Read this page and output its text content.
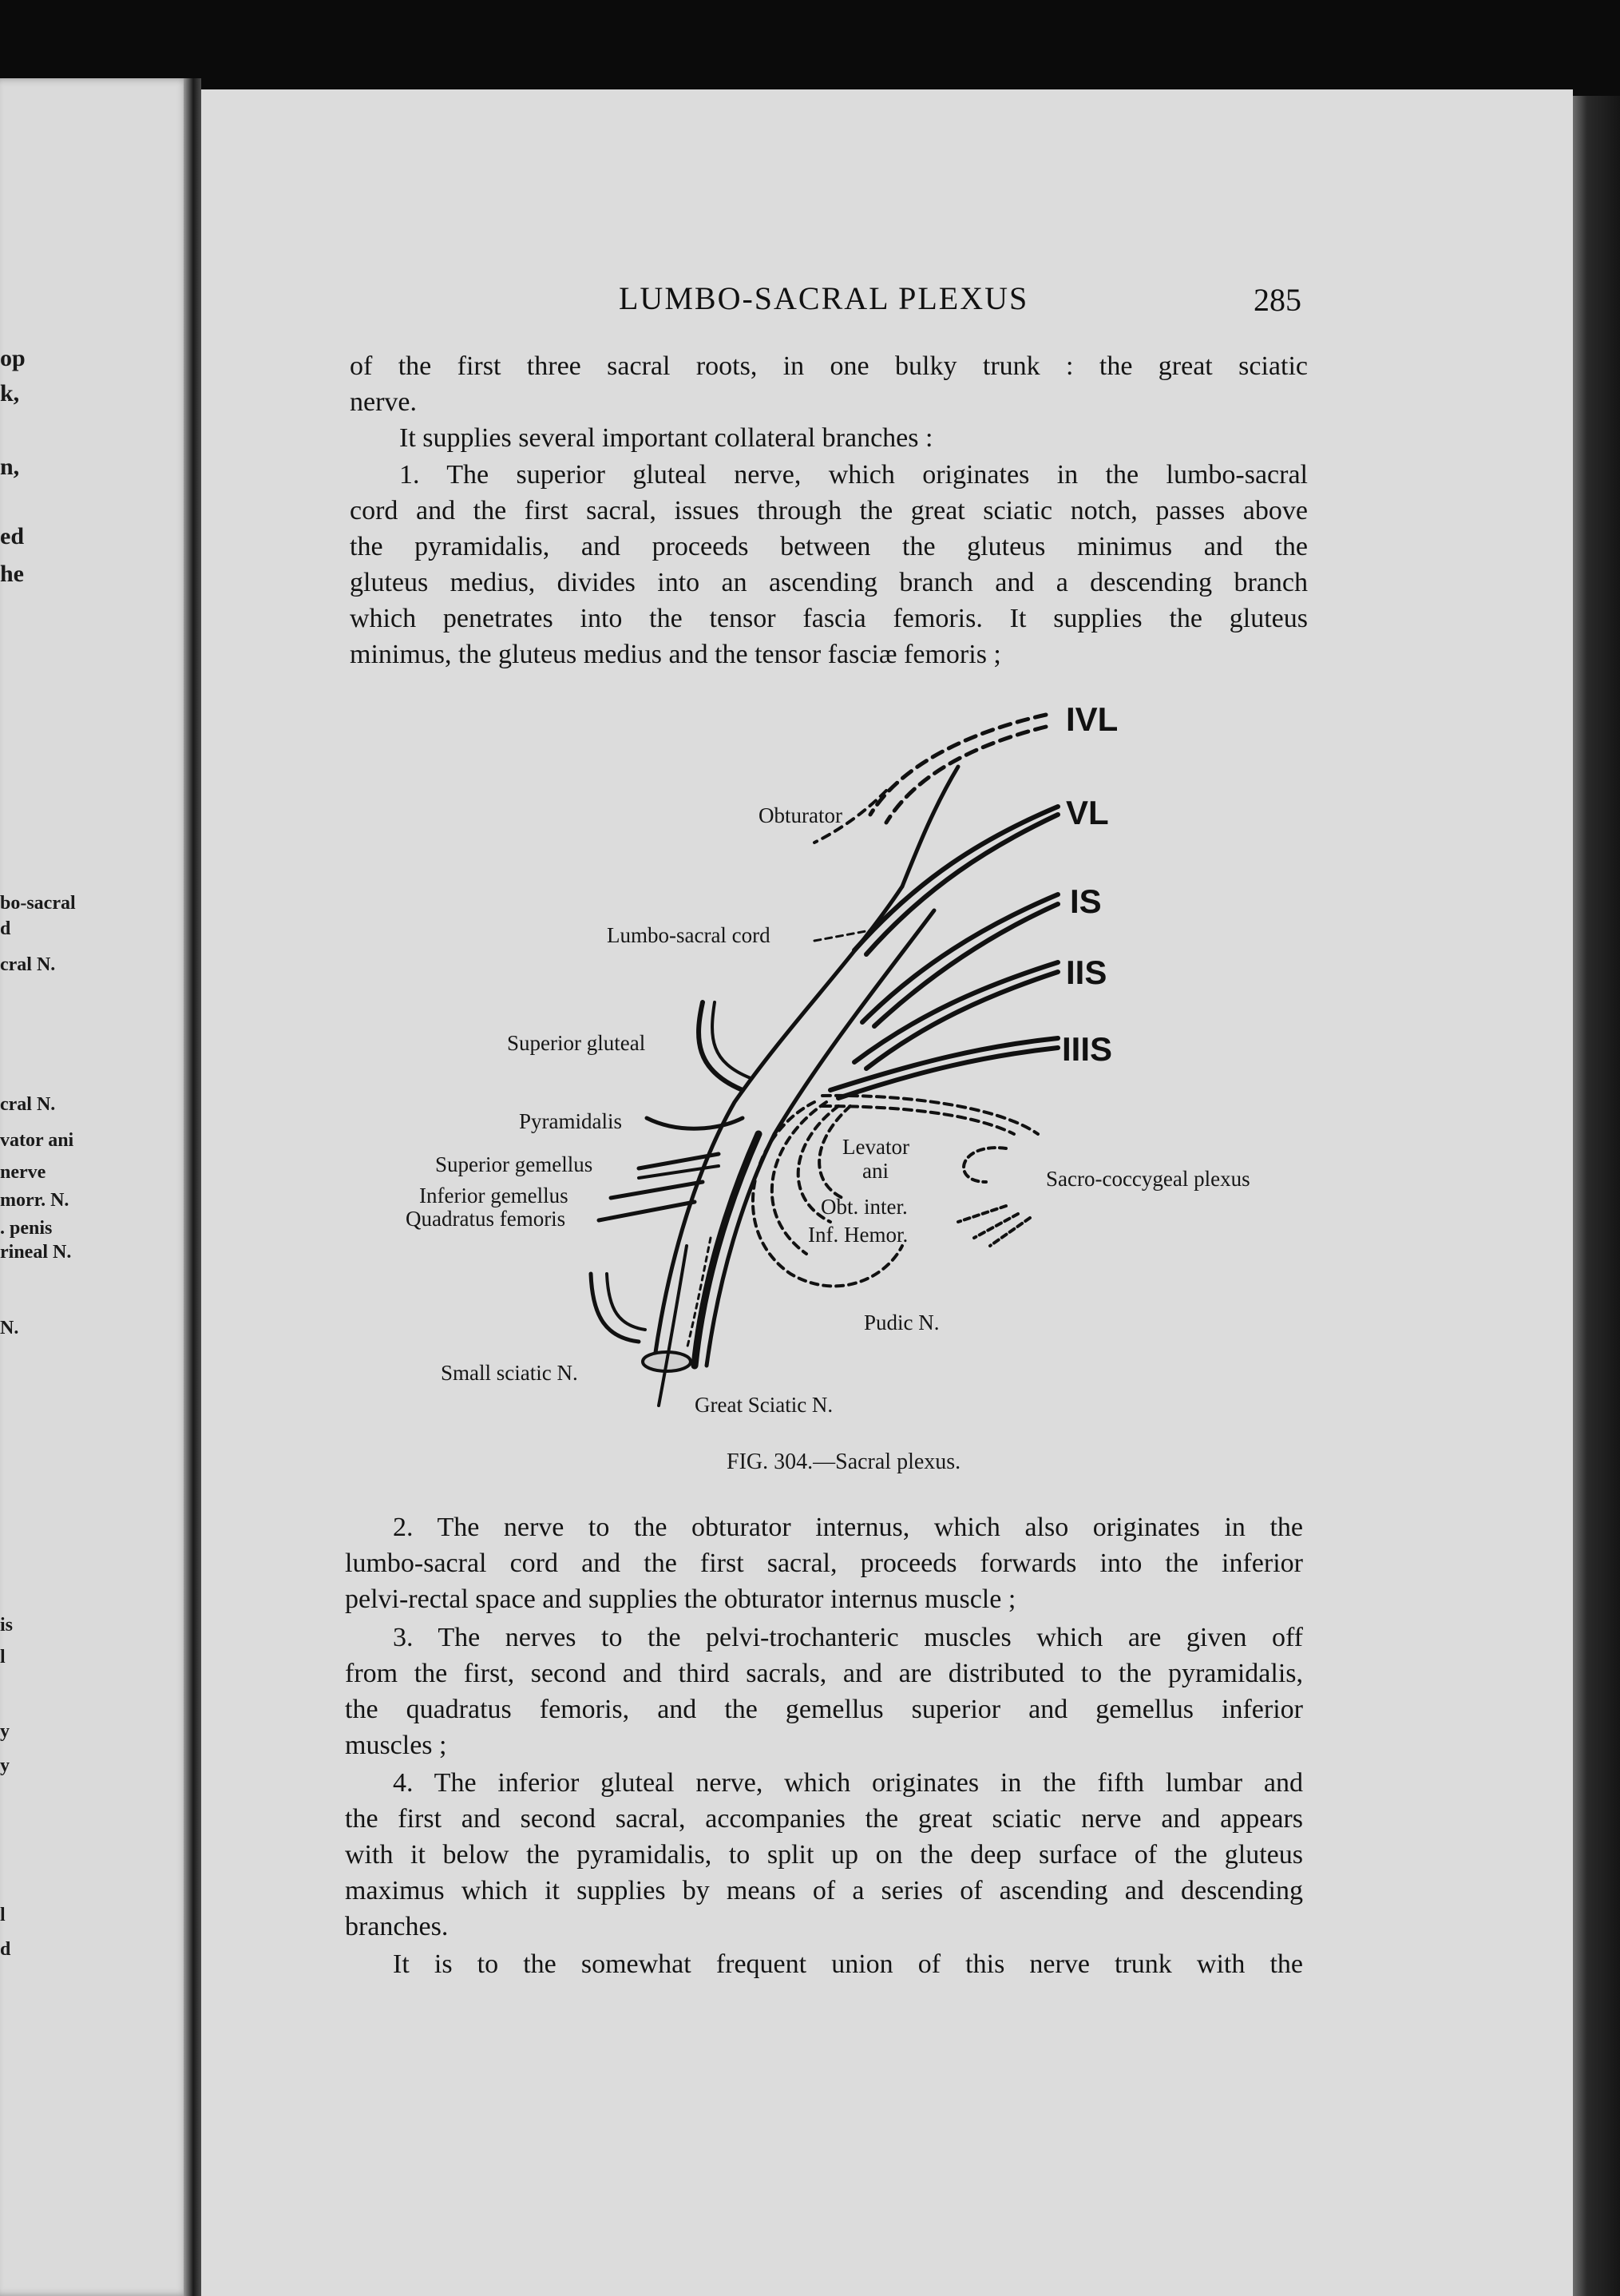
op
k,
n,
ed
he
bo-sacral
d
cral N.
cral N.
vator ani
nerve
morr. N.
. penis
rineal N.
N.
is
l
y
y
l
d
LUMBO-SACRAL PLEXUS	285
of the first three sacral roots, in one bulky trunk : the great sciatic
nerve.
It supplies several important collateral branches :
1. The superior gluteal nerve, which originates in the lumbo-sacral
cord and the first sacral, issues through the great sciatic notch, passes above
the pyramidalis, and proceeds between the gluteus minimus and the
gluteus medius, divides into an ascending branch and a descending branch
which penetrates into the tensor fascia femoris. It supplies the gluteus
minimus, the gluteus medius and the tensor fasciæ femoris ;
IVL
VL
IS
IIS
IIIS
Obturator
Lumbo-sacral cord
Superior gluteal
Pyramidalis
Superior gemellus
Inferior gemellus
Quadratus femoris
Levator
ani
Obt. inter.
Inf. Hemor.
Sacro-coccygeal plexus
Pudic N.
Small sciatic N.
Great Sciatic N.
FIG. 304.—Sacral plexus.
2. The nerve to the obturator internus, which also originates in the
lumbo-sacral cord and the first sacral, proceeds forwards into the inferior
pelvi-rectal space and supplies the obturator internus muscle ;
3. The nerves to the pelvi-trochanteric muscles which are given off
from the first, second and third sacrals, and are distributed to the pyramidalis,
the quadratus femoris, and the gemellus superior and gemellus inferior
muscles ;
4. The inferior gluteal nerve, which originates in the fifth lumbar and
the first and second sacral, accompanies the great sciatic nerve and appears
with it below the pyramidalis, to split up on the deep surface of the gluteus
maximus which it supplies by means of a series of ascending and descending
branches.
It is to the somewhat frequent union of this nerve trunk with the
